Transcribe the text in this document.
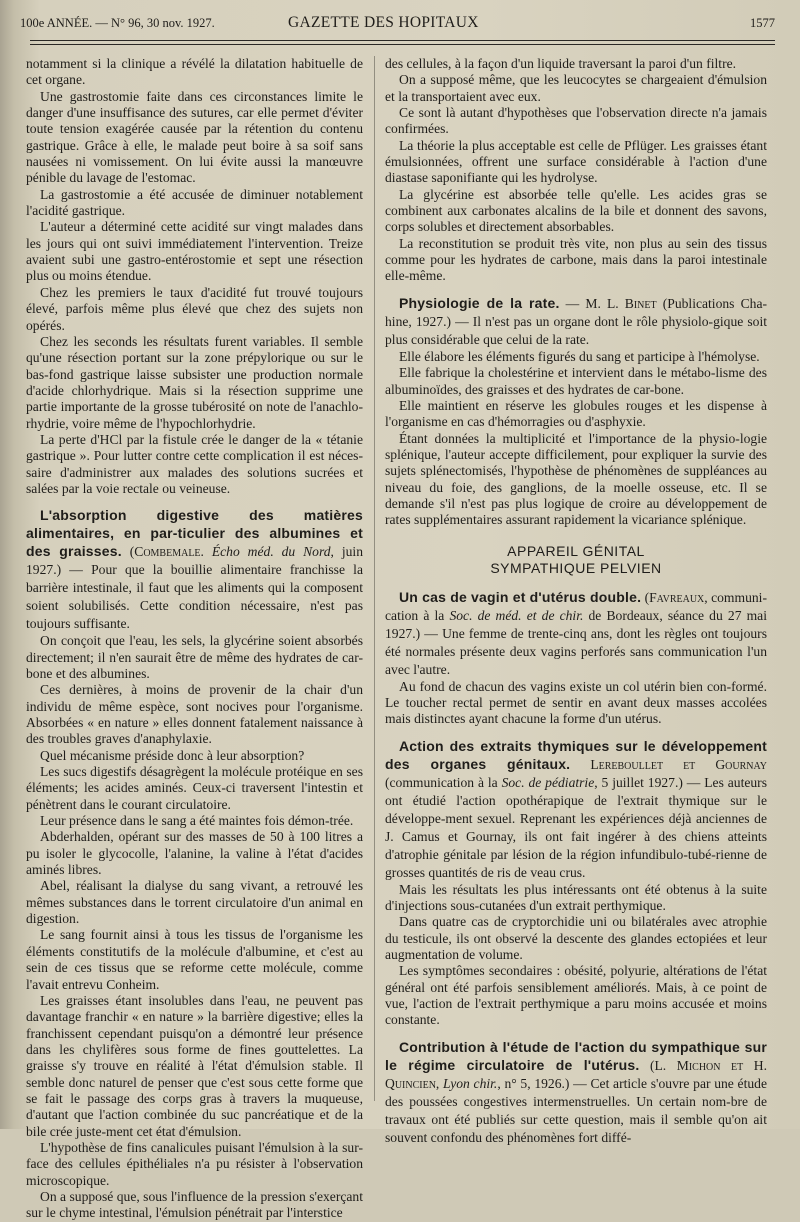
100e ANNÉE. — N° 96, 30 nov. 1927.	GAZETTE DES HOPITAUX	1577

notamment si la clinique a révélé la dilatation habituelle de cet organe.

Une gastrostomie faite dans ces circonstances limite le danger d'une insuffisance des sutures, car elle permet d'éviter toute tension exagérée causée par la rétention du contenu gastrique. Grâce à elle, le malade peut boire à sa soif sans nausées ni vomissement. On lui évite aussi la manœuvre pénible du lavage de l'estomac.

La gastrostomie a été accusée de diminuer notablement l'acidité gastrique.

L'auteur a déterminé cette acidité sur vingt malades dans les jours qui ont suivi immédiatement l'intervention. Treize avaient subi une gastro-entérostomie et sept une résection plus ou moins étendue.

Chez les premiers le taux d'acidité fut trouvé toujours élevé, parfois même plus élevé que chez des sujets non opérés.

Chez les seconds les résultats furent variables. Il semble qu'une résection portant sur la zone prépylorique ou sur le bas-fond gastrique laisse subsister une production normale d'acide chlorhydrique. Mais si la résection supprime une partie importante de la grosse tubérosité on note de l'anachlo-rhydrie, voire même de l'hypochlorhydrie.

La perte d'HCl par la fistule crée le danger de la « tétanie gastrique ». Pour lutter contre cette complication il est néces-saire d'administrer aux malades des solutions sucrées et salées par la voie rectale ou veineuse.

L'absorption digestive des matières alimentaires, en par-ticulier des albumines et des graisses. (Combemale. Écho méd. du Nord, juin 1927.) — Pour que la bouillie alimentaire franchisse la barrière intestinale, il faut que les aliments qui la composent soient solubilisés. Cette condition nécessaire, n'est pas toujours suffisante.

On conçoit que l'eau, les sels, la glycérine soient absorbés directement; il n'en saurait être de même des hydrates de car-bone et des albumines.

Ces dernières, à moins de provenir de la chair d'un individu de même espèce, sont nocives pour l'organisme. Absorbées « en nature » elles donnent fatalement naissance à des troubles graves d'anaphylaxie.

Quel mécanisme préside donc à leur absorption?

Les sucs digestifs désagrègent la molécule protéique en ses éléments; les acides aminés. Ceux-ci traversent l'intestin et pénètrent dans le courant circulatoire.

Leur présence dans le sang a été maintes fois démon-trée.

Abderhalden, opérant sur des masses de 50 à 100 litres a pu isoler le glycocolle, l'alanine, la valine à l'état d'acides aminés libres.

Abel, réalisant la dialyse du sang vivant, a retrouvé les mêmes substances dans le torrent circulatoire d'un animal en digestion.

Le sang fournit ainsi à tous les tissus de l'organisme les éléments constitutifs de la molécule d'albumine, et c'est au sein de ces tissus que se reforme cette molécule, comme l'avait entrevu Conheim.

Les graisses étant insolubles dans l'eau, ne peuvent pas davantage franchir « en nature » la barrière digestive; elles la franchissent cependant puisqu'on a démontré leur présence dans les chylifères sous forme de fines gouttelettes. La graisse s'y trouve en réalité à l'état d'émulsion stable. Il semble donc naturel de penser que c'est sous cette forme que se fait le passage des corps gras à travers la muqueuse, d'autant que l'action combinée du suc pancréatique et de la bile crée juste-ment cet état d'émulsion.

L'hypothèse de fins canalicules puisant l'émulsion à la sur-face des cellules épithéliales n'a pu résister à l'observation microscopique.

On a supposé que, sous l'influence de la pression s'exerçant sur le chyme intestinal, l'émulsion pénétrait par l'interstice

des cellules, à la façon d'un liquide traversant la paroi d'un filtre.

On a supposé même, que les leucocytes se chargeaient d'émulsion et la transportaient avec eux.

Ce sont là autant d'hypothèses que l'observation directe n'a jamais confirmées.

La théorie la plus acceptable est celle de Pflüger. Les graisses étant émulsionnées, offrent une surface considérable à l'action d'une diastase saponifiante qui les hydrolyse.

La glycérine est absorbée telle qu'elle. Les acides gras se combinent aux carbonates alcalins de la bile et donnent des savons, corps solubles et directement absorbables.

La reconstitution se produit très vite, non plus au sein des tissus comme pour les hydrates de carbone, mais dans la paroi intestinale elle-même.

Physiologie de la rate. — M. L. Binet (Publications Cha-hine, 1927.) — Il n'est pas un organe dont le rôle physiolo-gique soit plus considérable que celui de la rate.

Elle élabore les éléments figurés du sang et participe à l'hémolyse.

Elle fabrique la cholestérine et intervient dans le métabo-lisme des albuminoïdes, des graisses et des hydrates de car-bone.

Elle maintient en réserve les globules rouges et les dispense à l'organisme en cas d'hémorragies ou d'asphyxie.

Étant données la multiplicité et l'importance de la physio-logie splénique, l'auteur accepte difficilement, pour expliquer la survie des sujets splénectomisés, l'hypothèse de phénomènes de suppléances au niveau du foie, des ganglions, de la moelle osseuse, etc. Il se demande s'il n'est pas plus logique de croire au développement de rates supplémentaires assurant rapidement la vicariance splénique.

APPAREIL GÉNITAL
SYMPATHIQUE PELVIEN
Un cas de vagin et d'utérus double. (Favreaux, communi-cation à la Soc. de méd. et de chir. de Bordeaux, séance du 27 mai 1927.) — Une femme de trente-cinq ans, dont les règles ont toujours été normales présente deux vagins perforés sans communication l'un avec l'autre.

Au fond de chacun des vagins existe un col utérin bien con-formé. Le toucher rectal permet de sentir en avant deux masses accolées mais distinctes ayant chacune la forme d'un utérus.

Action des extraits thymiques sur le développement des organes génitaux. Lereboullet et Gournay (communication à la Soc. de pédiatrie, 5 juillet 1927.) — Les auteurs ont étudié l'action opothérapique de l'extrait thymique sur le développe-ment sexuel. Reprenant les expériences déjà anciennes de J. Camus et Gournay, ils ont fait ingérer à des chiens atteints d'atrophie génitale par lésion de la région infundibulo-tubé-rienne de grosses quantités de ris de veau crus.

Mais les résultats les plus intéressants ont été obtenus à la suite d'injections sous-cutanées d'un extrait perthymique.

Dans quatre cas de cryptorchidie uni ou bilatérales avec atrophie du testicule, ils ont observé la descente des glandes ectopiées et leur augmentation de volume.

Les symptômes secondaires : obésité, polyurie, altérations de l'état général ont été parfois sensiblement améliorés. Mais, à ce point de vue, l'action de l'extrait perthymique a paru moins accusée et moins constante.

Contribution à l'étude de l'action du sympathique sur le régime circulatoire de l'utérus. (L. Michon et H. Quincien, Lyon chir., n° 5, 1926.) — Cet article s'ouvre par une étude des poussées congestives intermenstruelles. Un certain nom-bre de travaux ont été publiés sur cette question, mais il semble qu'on ait souvent confondu des phénomènes fort diffé-
